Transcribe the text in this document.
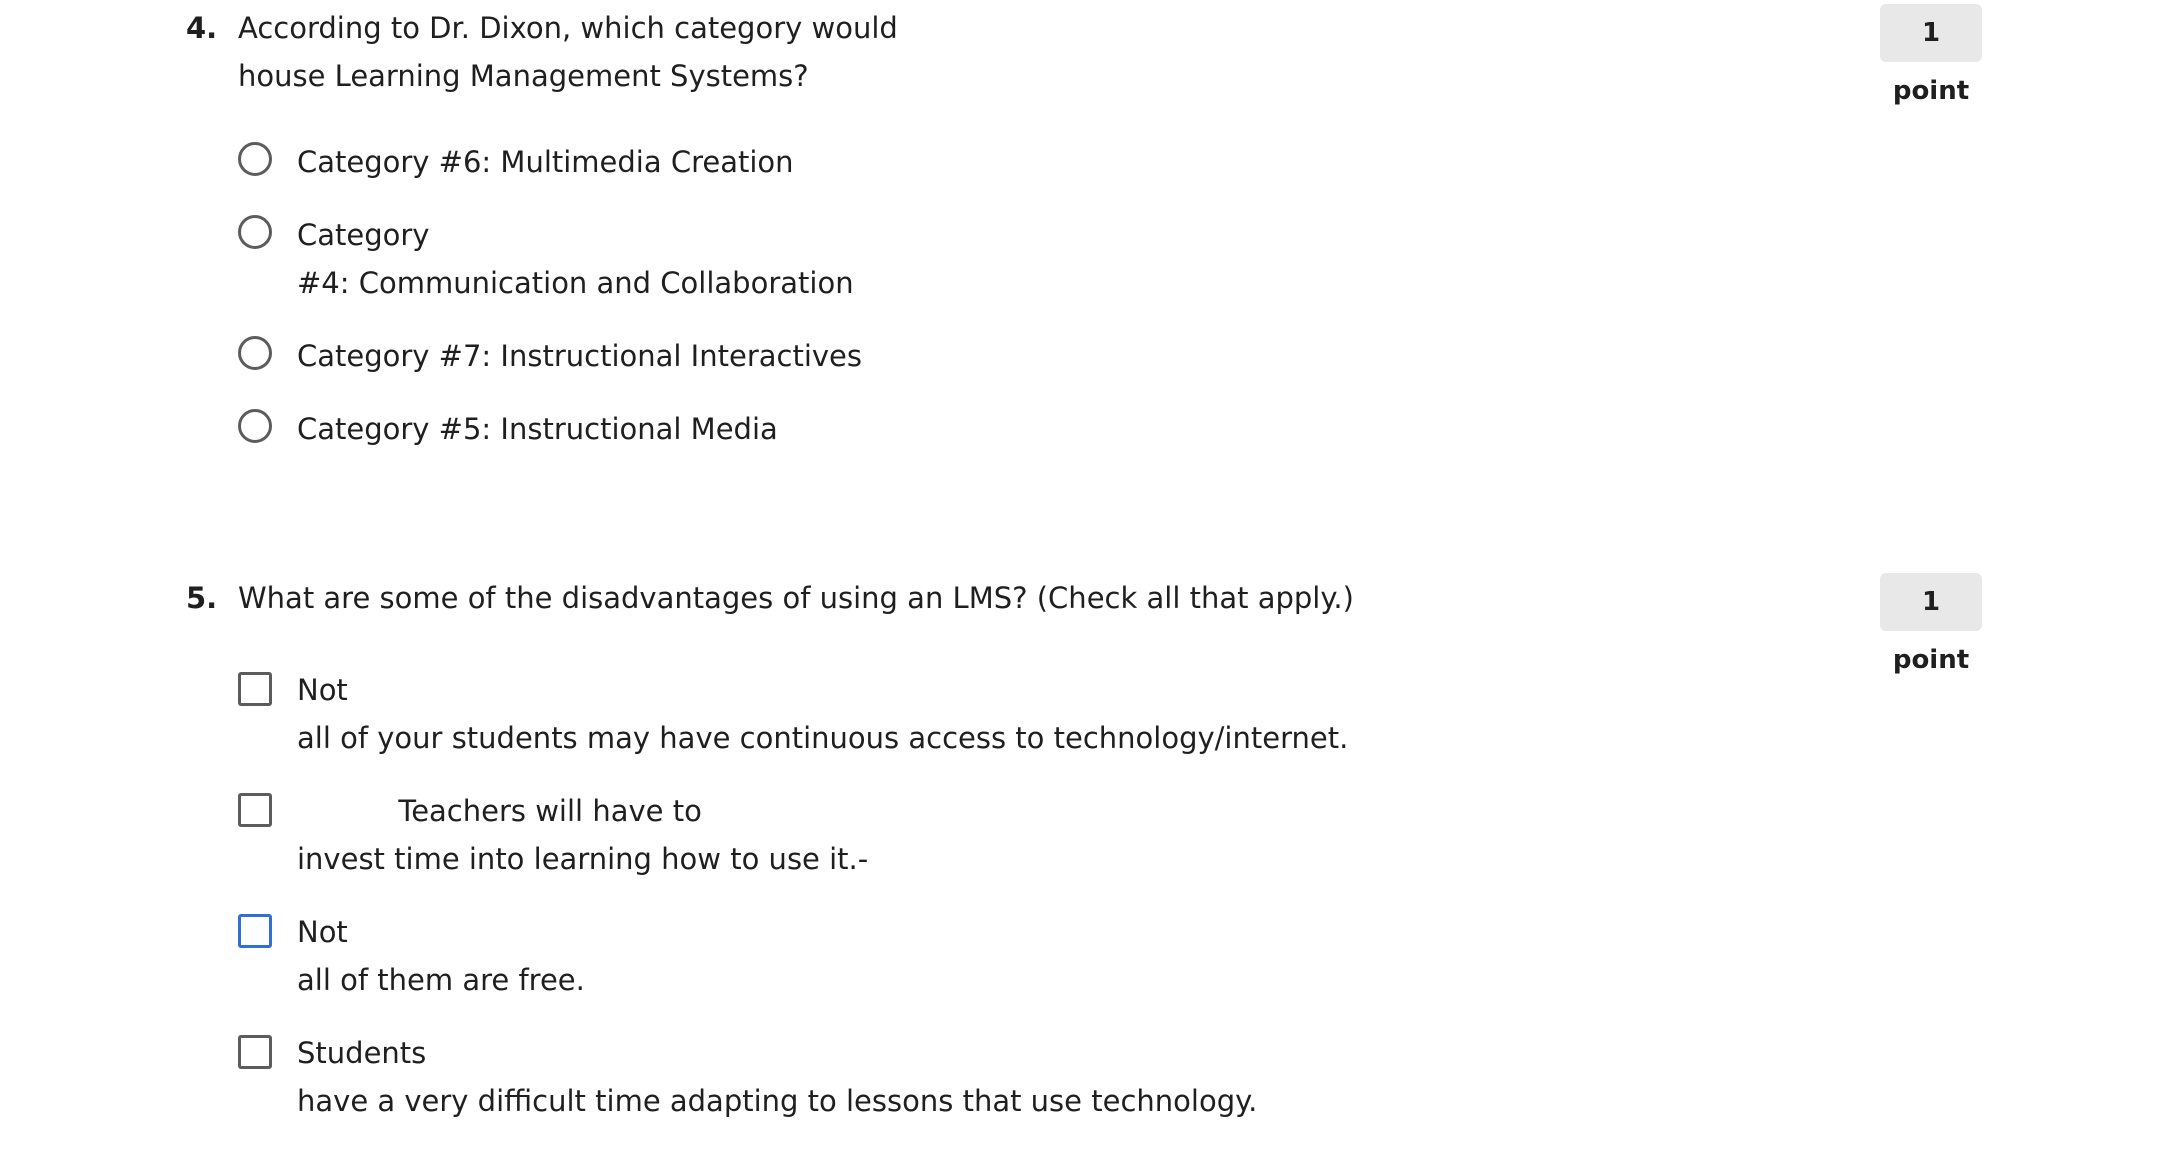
4. According to Dr. Dixon, which category would
house Learning Management Systems?
1 point
Category #6: Multimedia Creation
Category
#4: Communication and Collaboration
Category #7: Instructional Interactives
Category #5: Instructional Media
5. What are some of the disadvantages of using an LMS? (Check all that apply.)	1 point
Not
all of your students may have continuous access to technology/internet.
Teachers will have to
invest time into learning how to use it.-
Not
all of them are free.
Students
have a very difficult time adapting to lessons that use technology.
